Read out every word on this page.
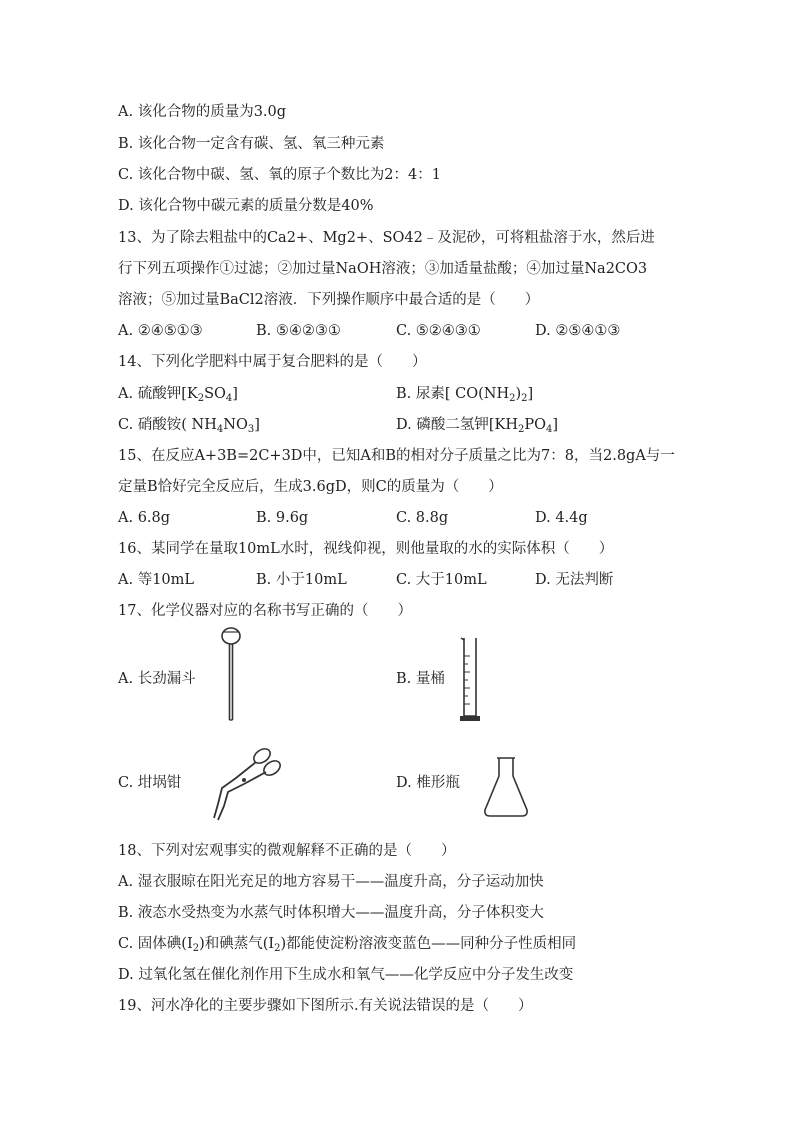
A. 该化合物的质量为3.0g
B. 该化合物一定含有碳、氢、氧三种元素
C. 该化合物中碳、氢、氧的原子个数比为2：4：1
D. 该化合物中碳元素的质量分数是40%
13、为了除去粗盐中的Ca2+、Mg2+、SO42﹣及泥砂，可将粗盐溶于水，然后进
行下列五项操作①过滤；②加过量NaOH溶液；③加适量盐酸；④加过量Na2CO3
溶液；⑤加过量BaCl2溶液．下列操作顺序中最合适的是（　　）
A. ②④⑤①③	B. ⑤④②③①	C. ⑤②④③①	D. ②⑤④①③
14、下列化学肥料中属于复合肥料的是（　　）
A. 硫酸钾$[K_2SO_4]$	B. 尿素[ $CO(NH_2)_2$]
C. 硝酸铵( $NH_4NO_3$]	D. 磷酸二氢钾$[KH_2PO_4]$
15、在反应A+3B=2C+3D中，已知A和B的相对分子质量之比为7：8，当2.8gA与一
定量B恰好完全反应后，生成3.6gD，则C的质量为（　　）
A. 6.8g	B. 9.6g	C. 8.8g	D. 4.4g
16、某同学在量取10mL水时，视线仰视，则他量取的水的实际体积（　　）
A. 等10mL	B. 小于10mL	C. 大于10mL	D. 无法判断
17、化学仪器对应的名称书写正确的（　　）
A. 长劲漏斗	B. 量桶
C. 坩埚钳	D. 椎形瓶
18、下列对宏观事实的微观解释不正确的是（　　）
A. 湿衣服晾在阳光充足的地方容易干——温度升高，分子运动加快
B. 液态水受热变为水蒸气时体积增大——温度升高，分子体积变大
C. 固体碘$(I_2)$和碘蒸气$(I_2)$都能使淀粉溶液变蓝色——同种分子性质相同
D. 过氧化氢在催化剂作用下生成水和氧气——化学反应中分子发生改变
19、河水净化的主要步骤如下图所示.有关说法错误的是（　　）
